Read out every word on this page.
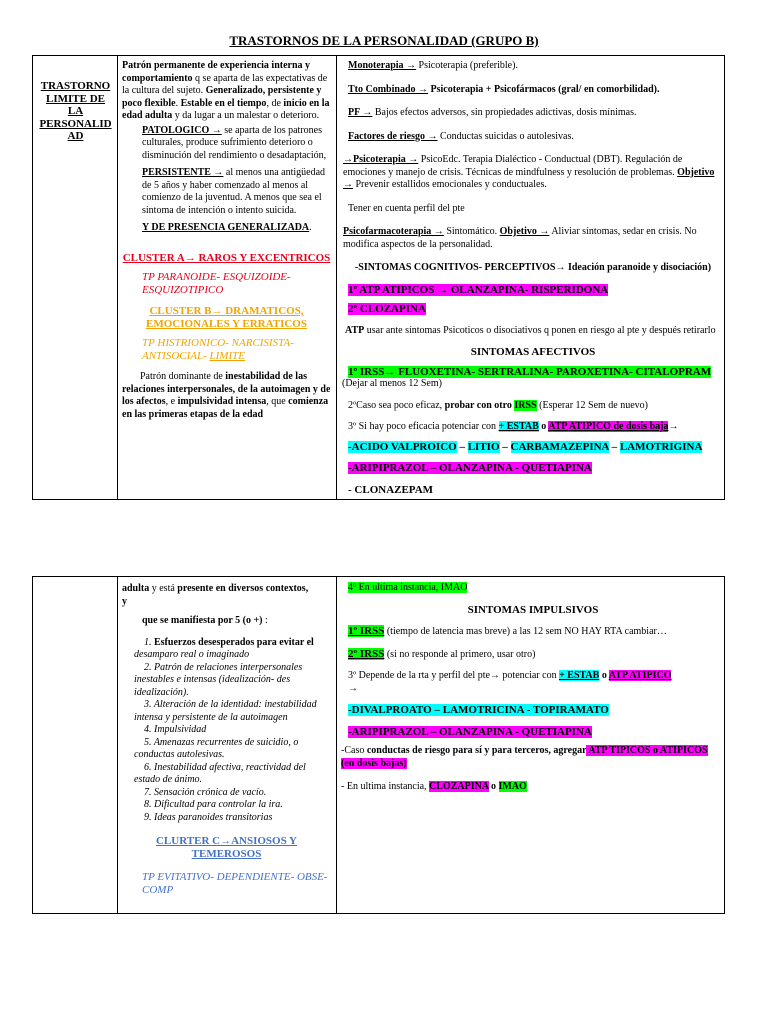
TRASTORNOS DE LA PERSONALIDAD (GRUPO B)
TRASTORNO
LIMITE DE
LA
PERSONALID
AD

Patrón permanente de experiencia interna y comportamiento q se aparta de las expectativas de la cultura del sujeto. Generalizado, persistente y poco flexible. Estable en el tiempo, de inicio en la edad adulta y da lugar a un malestar o deterioro.

PATOLOGICO → se aparta de los patrones culturales, produce sufrimiento deterioro o disminución del rendimiento o desadaptación,

PERSISTENTE → al menos una antigüedad de 5 años y haber comenzado al menos al comienzo de la juventud. A menos que sea el síntoma de intención o intento suicida.

Y DE PRESENCIA GENERALIZADA.

CLUSTER A→ RAROS Y EXCENTRICOS

TP PARANOIDE- ESQUIZOIDE- ESQUIZOTIPICO

CLUSTER B→ DRAMATICOS, EMOCIONALES Y ERRATICOS

TP HISTRIONICO- NARCISISTA- ANTISOCIAL- LIMITE

Patrón dominante de inestabilidad de las relaciones interpersonales, de la autoimagen y de los afectos, e impulsividad intensa, que comienza en las primeras etapas de la edad

Monoterapia → Psicoterapia (preferible).

Tto Combinado → Psicoterapia + Psicofármacos (gral/ en comorbilidad).

PF → Bajos efectos adversos, sin propiedades adictivas, dosis mínimas.

Factores de riesgo → Conductas suicidas o autolesivas.

→Psicoterapia → PsicoEdc. Terapia Dialéctico - Conductual (DBT). Regulación de emociones y manejo de crisis. Técnicas de mindfulness y resolución de problemas. Objetivo → Prevenir estallidos emocionales y conductuales.

Tener en cuenta perfil del pte

Psicofarmacoterapia → Sintomático. Objetivo → Aliviar síntomas, sedar en crisis. No modifica aspectos de la personalidad.

-SINTOMAS COGNITIVOS- PERCEPTIVOS→ Ideación paranoide y disociación)

1º ATP ATIPICOS → OLANZAPINA- RISPERIDONA

2º CLOZAPINA

ATP usar ante síntomas Psicoticos o disociativos q ponen en riesgo al pte y después retirarlo

SINTOMAS AFECTIVOS

1º IRSS→ FLUOXETINA- SERTRALINA- PAROXETINA- CITALOPRAM

(Dejar al menos 12 Sem)

2ºCaso sea poco eficaz, probar con otro IRSS (Esperar 12 Sem de nuevo)

3º Si hay poco eficacia potenciar con + ESTAB o ATP ATIPICO de dosis baja→

-ACIDO VALPROICO – LITIO – CARBAMAZEPINA – LAMOTRIGINA

-ARIPIPRAZOL – OLANZAPINA - QUETIAPINA

- CLONAZEPAM

adulta y está presente en diversos contextos,

y

que se manifiesta por 5 (o +) :

1. Esfuerzos desesperados para evitar el desamparo real o imaginado

2. Patrón de relaciones interpersonales inestables e intensas (idealización- des idealización).

3. Alteración de la identidad: inestabilidad intensa y persistente de la autoimagen

4. Impulsividad

5. Amenazas recurrentes de suicidio, o conductas autolesivas.

6. Inestabilidad afectiva, reactividad del estado de ánimo.

7. Sensación crónica de vacío.

8. Dificultad para controlar la ira.

9. Ideas paranoides transitorias

CLURTER C→ANSIOSOS Y TEMEROSOS

TP EVITATIVO- DEPENDIENTE- OBSE-COMP

4º En ultima instancia, IMAO

SINTOMAS IMPULSIVOS

1º IRSS (tiempo de latencia mas breve) a las 12 sem NO HAY RTA cambiar…

2º IRSS (si no responde al primero, usar otro)

3º Depende de la rta y perfil del pte→ potenciar con + ESTAB o ATP ATIPICO

→

-DIVALPROATO – LAMOTRICINA - TOPIRAMATO

-ARIPIPRAZOL – OLANZAPINA - QUETIAPINA

-Caso conductas de riesgo para sí y para terceros, agregar ATP TIPICOS o ATIPICOS (en dosis bajas)

- En ultima instancia, CLOZAPINA o IMAO
